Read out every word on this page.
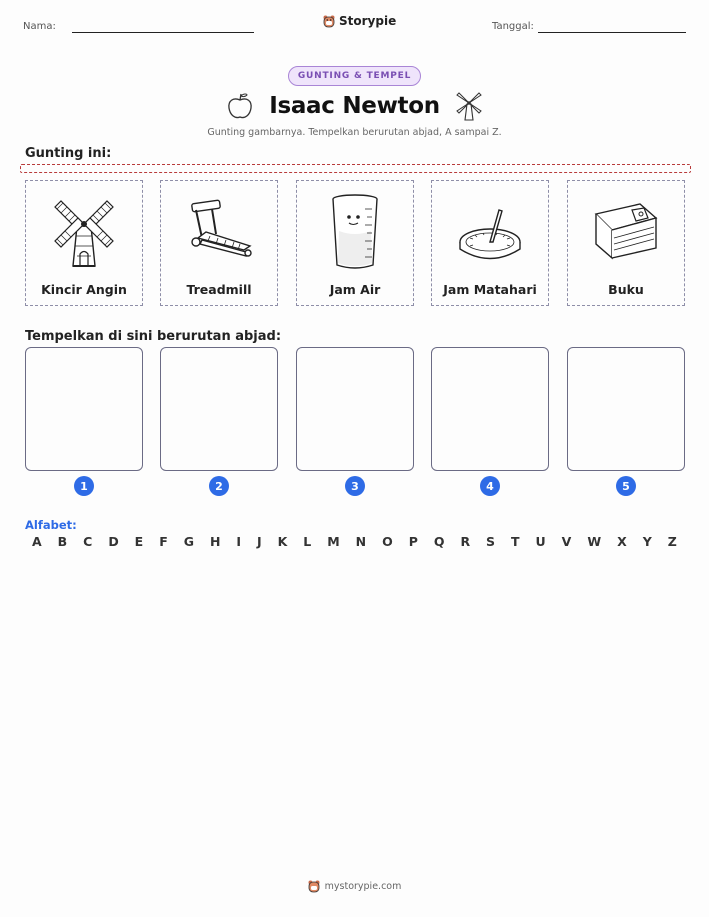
Nama:	Storypie	Tanggal:
GUNTING & TEMPEL
Isaac Newton
Gunting gambarnya. Tempelkan berurutan abjad, A sampai Z.
Gunting ini:
Kincir Angin	Treadmill	Jam Air	Jam Matahari	Buku
Tempelkan di sini berurutan abjad:
1	2	3	4	5
Alfabet:
A B C D E F G H I J K L M N O P Q R S T U V W X Y Z
mystorypie.com
